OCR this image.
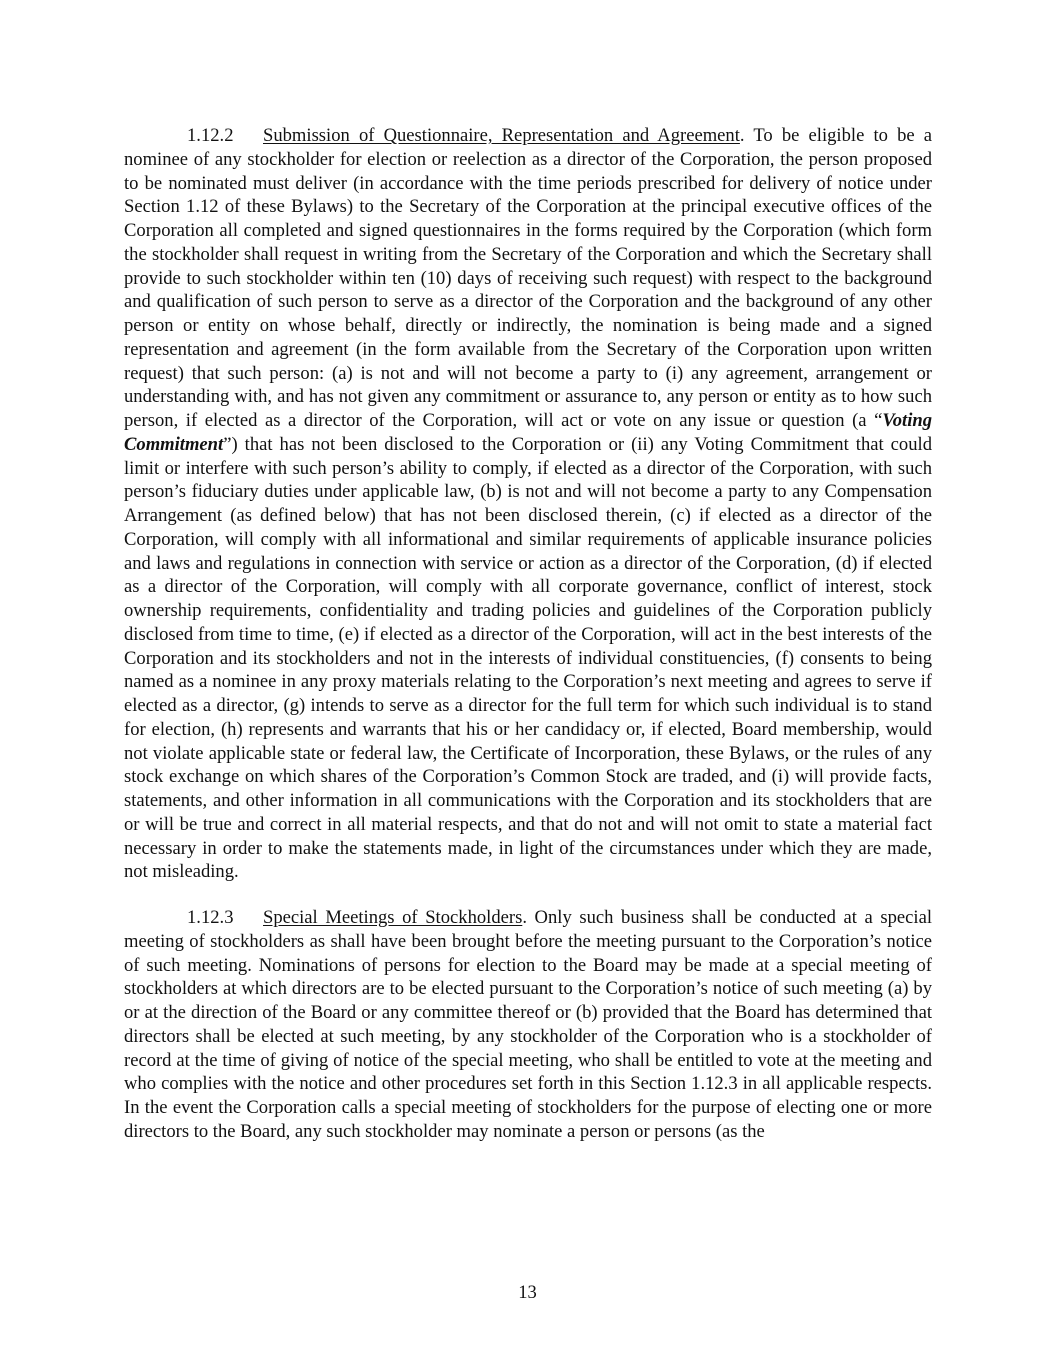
1.12.2 Submission of Questionnaire, Representation and Agreement. To be eligible to be a nominee of any stockholder for election or reelection as a director of the Corporation, the person proposed to be nominated must deliver (in accordance with the time periods prescribed for delivery of notice under Section 1.12 of these Bylaws) to the Secretary of the Corporation at the principal executive offices of the Corporation all completed and signed questionnaires in the forms required by the Corporation (which form the stockholder shall request in writing from the Secretary of the Corporation and which the Secretary shall provide to such stockholder within ten (10) days of receiving such request) with respect to the background and qualification of such person to serve as a director of the Corporation and the background of any other person or entity on whose behalf, directly or indirectly, the nomination is being made and a signed representation and agreement (in the form available from the Secretary of the Corporation upon written request) that such person: (a) is not and will not become a party to (i) any agreement, arrangement or understanding with, and has not given any commitment or assurance to, any person or entity as to how such person, if elected as a director of the Corporation, will act or vote on any issue or question (a “Voting Commitment”) that has not been disclosed to the Corporation or (ii) any Voting Commitment that could limit or interfere with such person’s ability to comply, if elected as a director of the Corporation, with such person’s fiduciary duties under applicable law, (b) is not and will not become a party to any Compensation Arrangement (as defined below) that has not been disclosed therein, (c) if elected as a director of the Corporation, will comply with all informational and similar requirements of applicable insurance policies and laws and regulations in connection with service or action as a director of the Corporation, (d) if elected as a director of the Corporation, will comply with all corporate governance, conflict of interest, stock ownership requirements, confidentiality and trading policies and guidelines of the Corporation publicly disclosed from time to time, (e) if elected as a director of the Corporation, will act in the best interests of the Corporation and its stockholders and not in the interests of individual constituencies, (f) consents to being named as a nominee in any proxy materials relating to the Corporation’s next meeting and agrees to serve if elected as a director, (g) intends to serve as a director for the full term for which such individual is to stand for election, (h) represents and warrants that his or her candidacy or, if elected, Board membership, would not violate applicable state or federal law, the Certificate of Incorporation, these Bylaws, or the rules of any stock exchange on which shares of the Corporation’s Common Stock are traded, and (i) will provide facts, statements, and other information in all communications with the Corporation and its stockholders that are or will be true and correct in all material respects, and that do not and will not omit to state a material fact necessary in order to make the statements made, in light of the circumstances under which they are made, not misleading.

1.12.3 Special Meetings of Stockholders. Only such business shall be conducted at a special meeting of stockholders as shall have been brought before the meeting pursuant to the Corporation’s notice of such meeting. Nominations of persons for election to the Board may be made at a special meeting of stockholders at which directors are to be elected pursuant to the Corporation’s notice of such meeting (a) by or at the direction of the Board or any committee thereof or (b) provided that the Board has determined that directors shall be elected at such meeting, by any stockholder of the Corporation who is a stockholder of record at the time of giving of notice of the special meeting, who shall be entitled to vote at the meeting and who complies with the notice and other procedures set forth in this Section 1.12.3 in all applicable respects. In the event the Corporation calls a special meeting of stockholders for the purpose of electing one or more directors to the Board, any such stockholder may nominate a person or persons (as the

13
